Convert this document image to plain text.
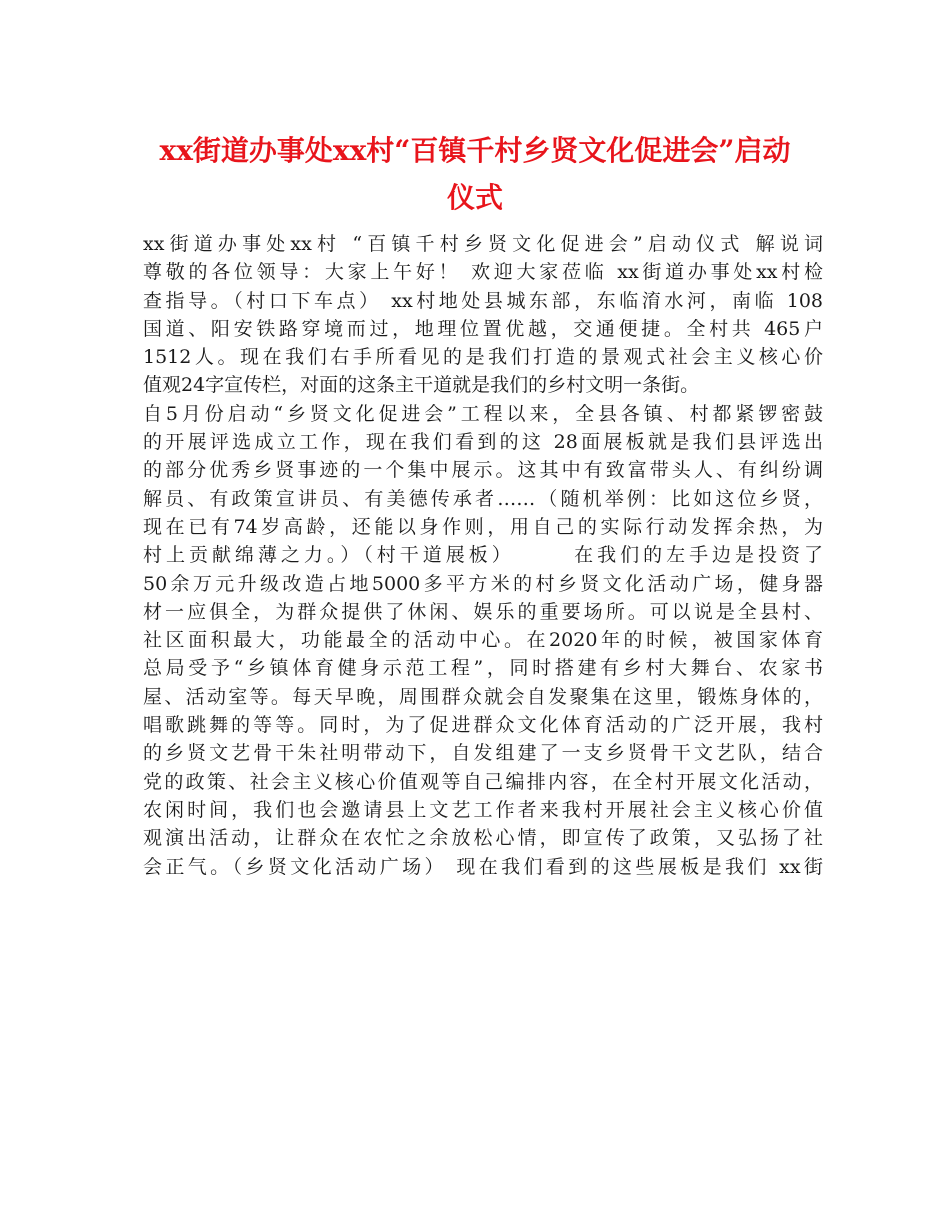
xx街道办事处xx村“百镇千村乡贤文化促进会”启动
仪式
xx街道办事处xx村 “百镇千村乡贤文化促进会”启动仪式 解说词
尊敬的各位领导：大家上午好！ 欢迎大家莅临 xx街道办事处xx村检
查指导。（村口下车点） xx村地处县城东部，东临淯水河，南临 108
国道、阳安铁路穿境而过，地理位置优越，交通便捷。全村共 465户
1512人。现在我们右手所看见的是我们打造的景观式社会主义核心价
值观24字宣传栏，对面的这条主干道就是我们的乡村文明一条街。
自5月份启动“乡贤文化促进会”工程以来，全县各镇、村都紧锣密鼓
的开展评选成立工作，现在我们看到的这 28面展板就是我们县评选出
的部分优秀乡贤事迹的一个集中展示。这其中有致富带头人、有纠纷调
解员、有政策宣讲员、有美德传承者……（随机举例：比如这位乡贤，
现在已有74岁高龄，还能以身作则，用自己的实际行动发挥余热，为
村上贡献绵薄之力。）（村干道展板）　　　在我们的左手边是投资了
50余万元升级改造占地5000多平方米的村乡贤文化活动广场，健身器
材一应俱全，为群众提供了休闲、娱乐的重要场所。可以说是全县村、
社区面积最大，功能最全的活动中心。在2020年的时候，被国家体育
总局受予“乡镇体育健身示范工程”，同时搭建有乡村大舞台、农家书
屋、活动室等。每天早晚，周围群众就会自发聚集在这里，锻炼身体的，
唱歌跳舞的等等。同时，为了促进群众文化体育活动的广泛开展，我村
的乡贤文艺骨干朱社明带动下，自发组建了一支乡贤骨干文艺队，结合
党的政策、社会主义核心价值观等自己编排内容，在全村开展文化活动，
农闲时间，我们也会邀请县上文艺工作者来我村开展社会主义核心价值
观演出活动，让群众在农忙之余放松心情，即宣传了政策，又弘扬了社
会正气。（乡贤文化活动广场） 现在我们看到的这些展板是我们 xx街
